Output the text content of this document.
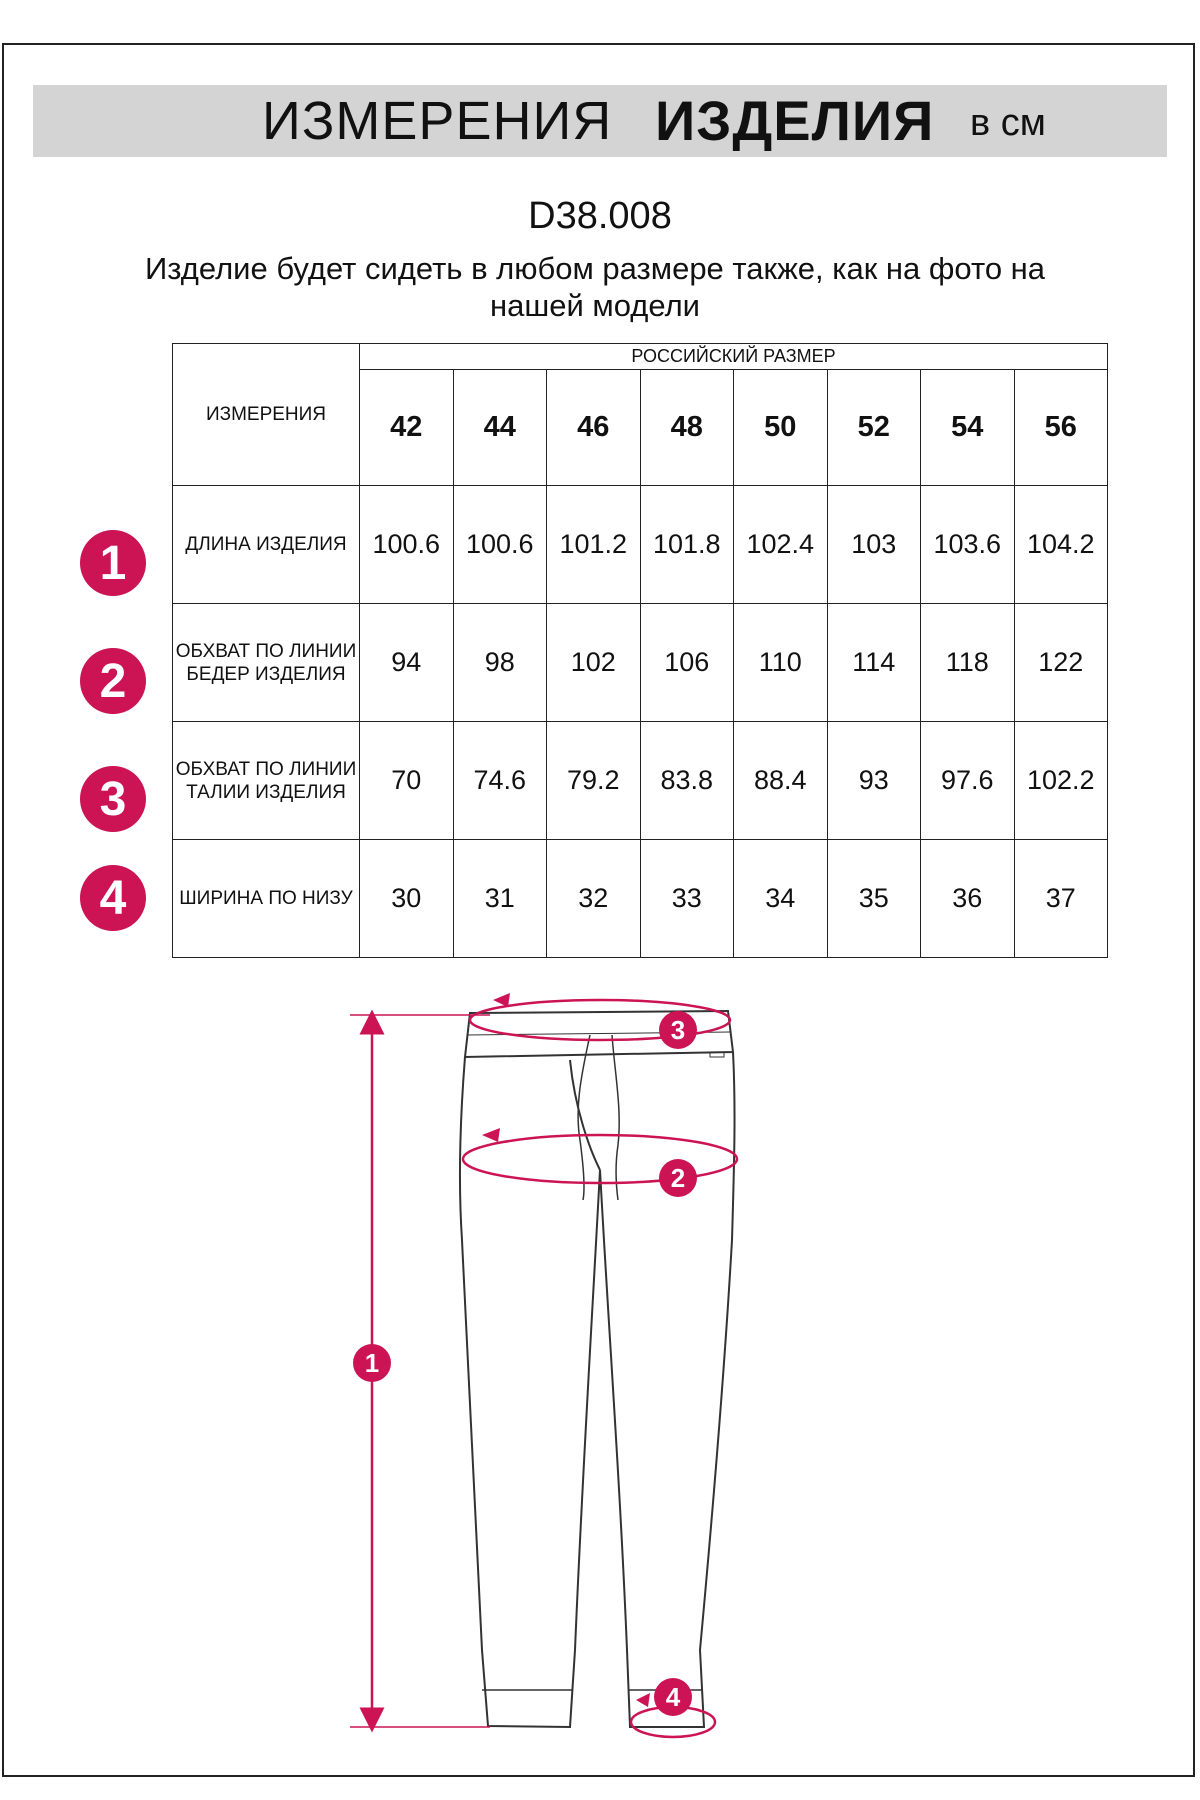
ИЗМЕРЕНИЯ ИЗДЕЛИЯ в см
D38.008
Изделие будет сидеть в любом размере также, как на фото на нашей модели
ИЗМЕРЕНИЯ	РОССИЙСКИЙ РАЗМЕР							
	42	44	46	48	50	52	54	56
ДЛИНА ИЗДЕЛИЯ	100.6	100.6	101.2	101.8	102.4	103	103.6	104.2
ОБХВАТ ПО ЛИНИИ БЕДЕР ИЗДЕЛИЯ	94	98	102	106	110	114	118	122
ОБХВАТ ПО ЛИНИИ ТАЛИИ ИЗДЕЛИЯ	70	74.6	79.2	83.8	88.4	93	97.6	102.2
ШИРИНА ПО НИЗУ	30	31	32	33	34	35	36	37
1
2
3
4
1
2
3
4
